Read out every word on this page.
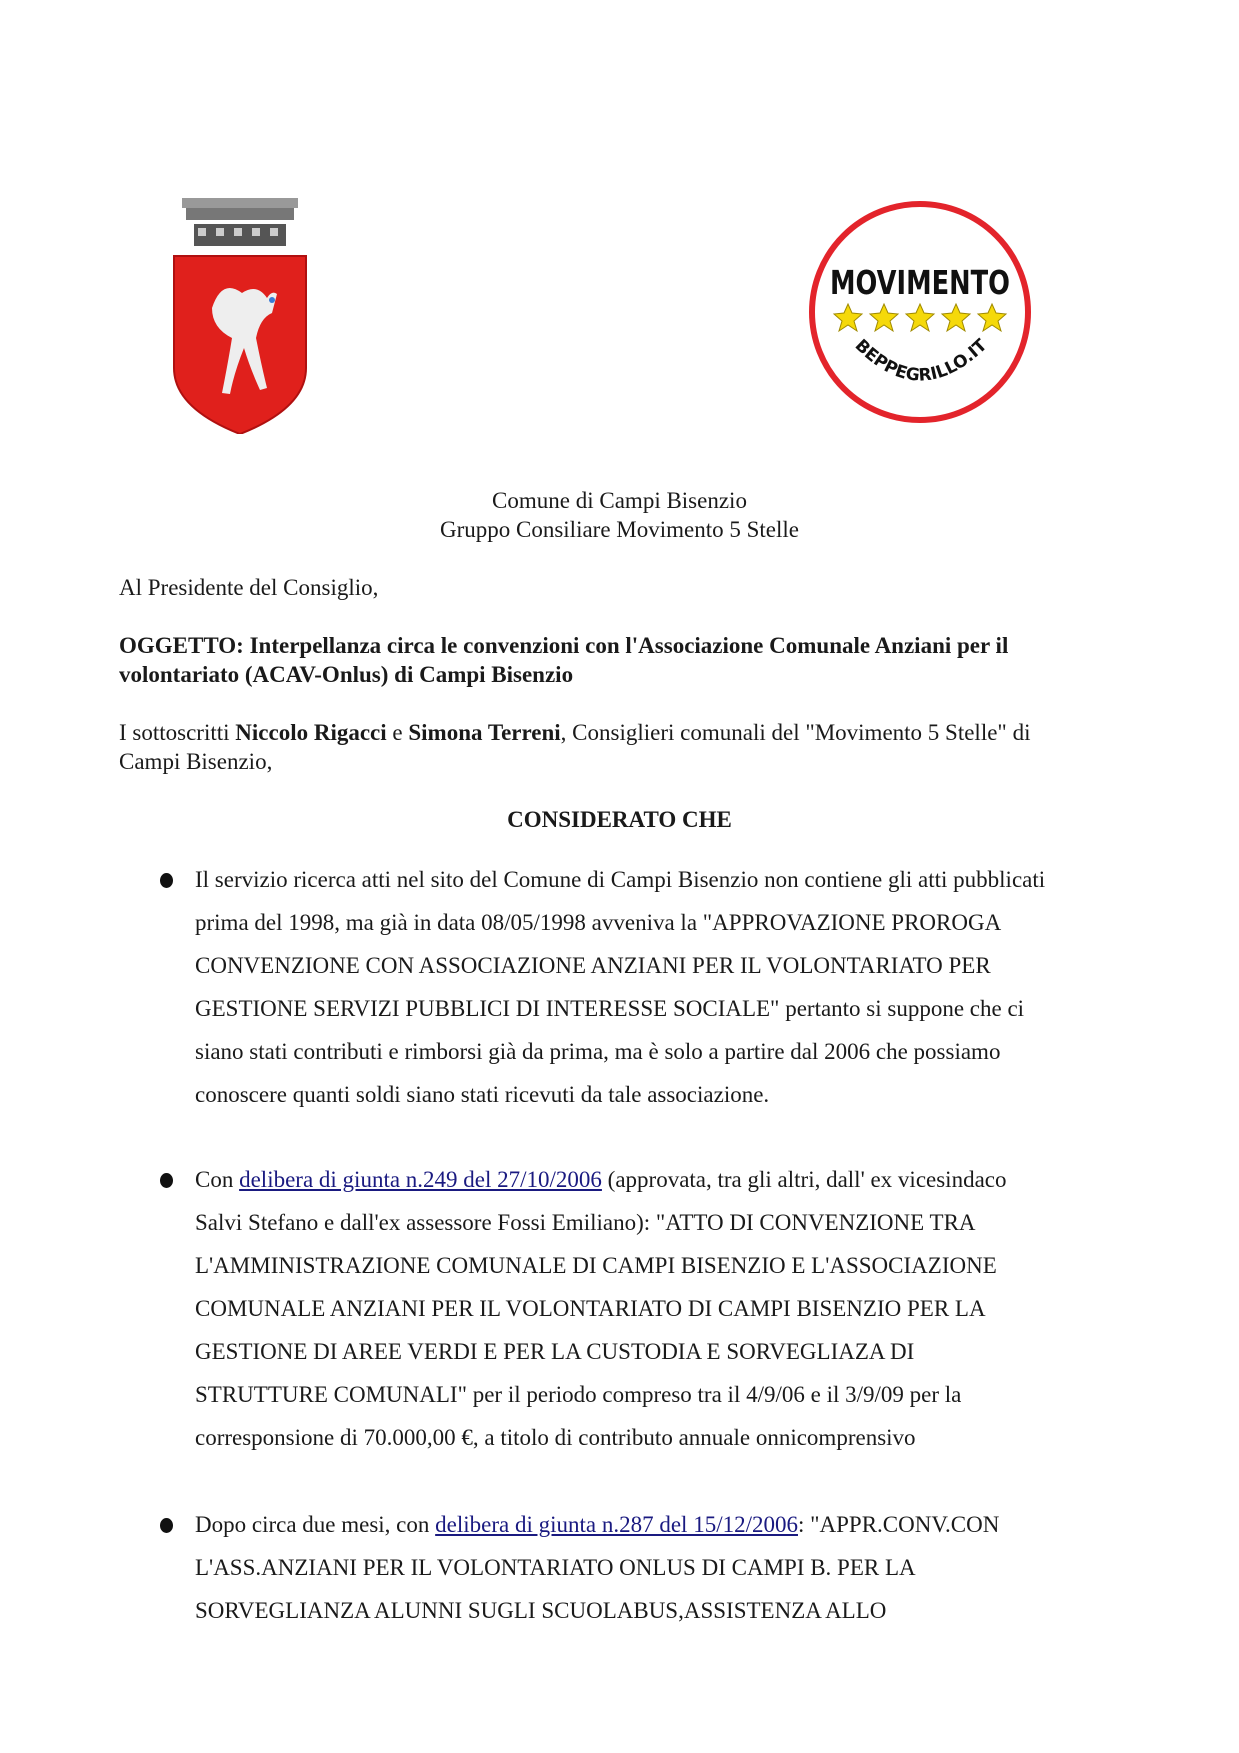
MOVIMENTO
BEPPEGRILLO.IT
Comune di Campi Bisenzio
Gruppo Consiliare Movimento 5 Stelle
Al Presidente del Consiglio,
OGGETTO: Interpellanza circa le convenzioni con l'Associazione Comunale Anziani per il
volontariato (ACAV-Onlus) di Campi Bisenzio
I sottoscritti Niccolo Rigacci e Simona Terreni, Consiglieri comunali del "Movimento 5 Stelle" di
Campi Bisenzio,
CONSIDERATO CHE
Il servizio ricerca atti nel sito del Comune di Campi Bisenzio non contiene gli atti pubblicati
prima del 1998, ma già in data 08/05/1998 avveniva la "APPROVAZIONE PROROGA
CONVENZIONE CON ASSOCIAZIONE ANZIANI PER IL VOLONTARIATO PER
GESTIONE SERVIZI PUBBLICI DI INTERESSE SOCIALE" pertanto si suppone che ci
siano stati contributi e rimborsi già da prima, ma è solo a partire dal 2006 che possiamo
conoscere quanti soldi siano stati ricevuti da tale associazione.
Con delibera di giunta n.249 del 27/10/2006 (approvata, tra gli altri, dall' ex vicesindaco
Salvi Stefano e dall'ex assessore Fossi Emiliano): "ATTO DI CONVENZIONE TRA
L'AMMINISTRAZIONE COMUNALE DI CAMPI BISENZIO E L'ASSOCIAZIONE
COMUNALE ANZIANI PER IL VOLONTARIATO DI CAMPI BISENZIO PER LA
GESTIONE DI AREE VERDI E PER LA CUSTODIA E SORVEGLIAZA DI
STRUTTURE COMUNALI" per il periodo compreso tra il 4/9/06 e il 3/9/09 per la
corresponsione di 70.000,00 €, a titolo di contributo annuale onnicomprensivo
Dopo circa due mesi, con delibera di giunta n.287 del 15/12/2006: "APPR.CONV.CON
L'ASS.ANZIANI PER IL VOLONTARIATO ONLUS DI CAMPI B. PER LA
SORVEGLIANZA ALUNNI SUGLI SCUOLABUS,ASSISTENZA ALLO
